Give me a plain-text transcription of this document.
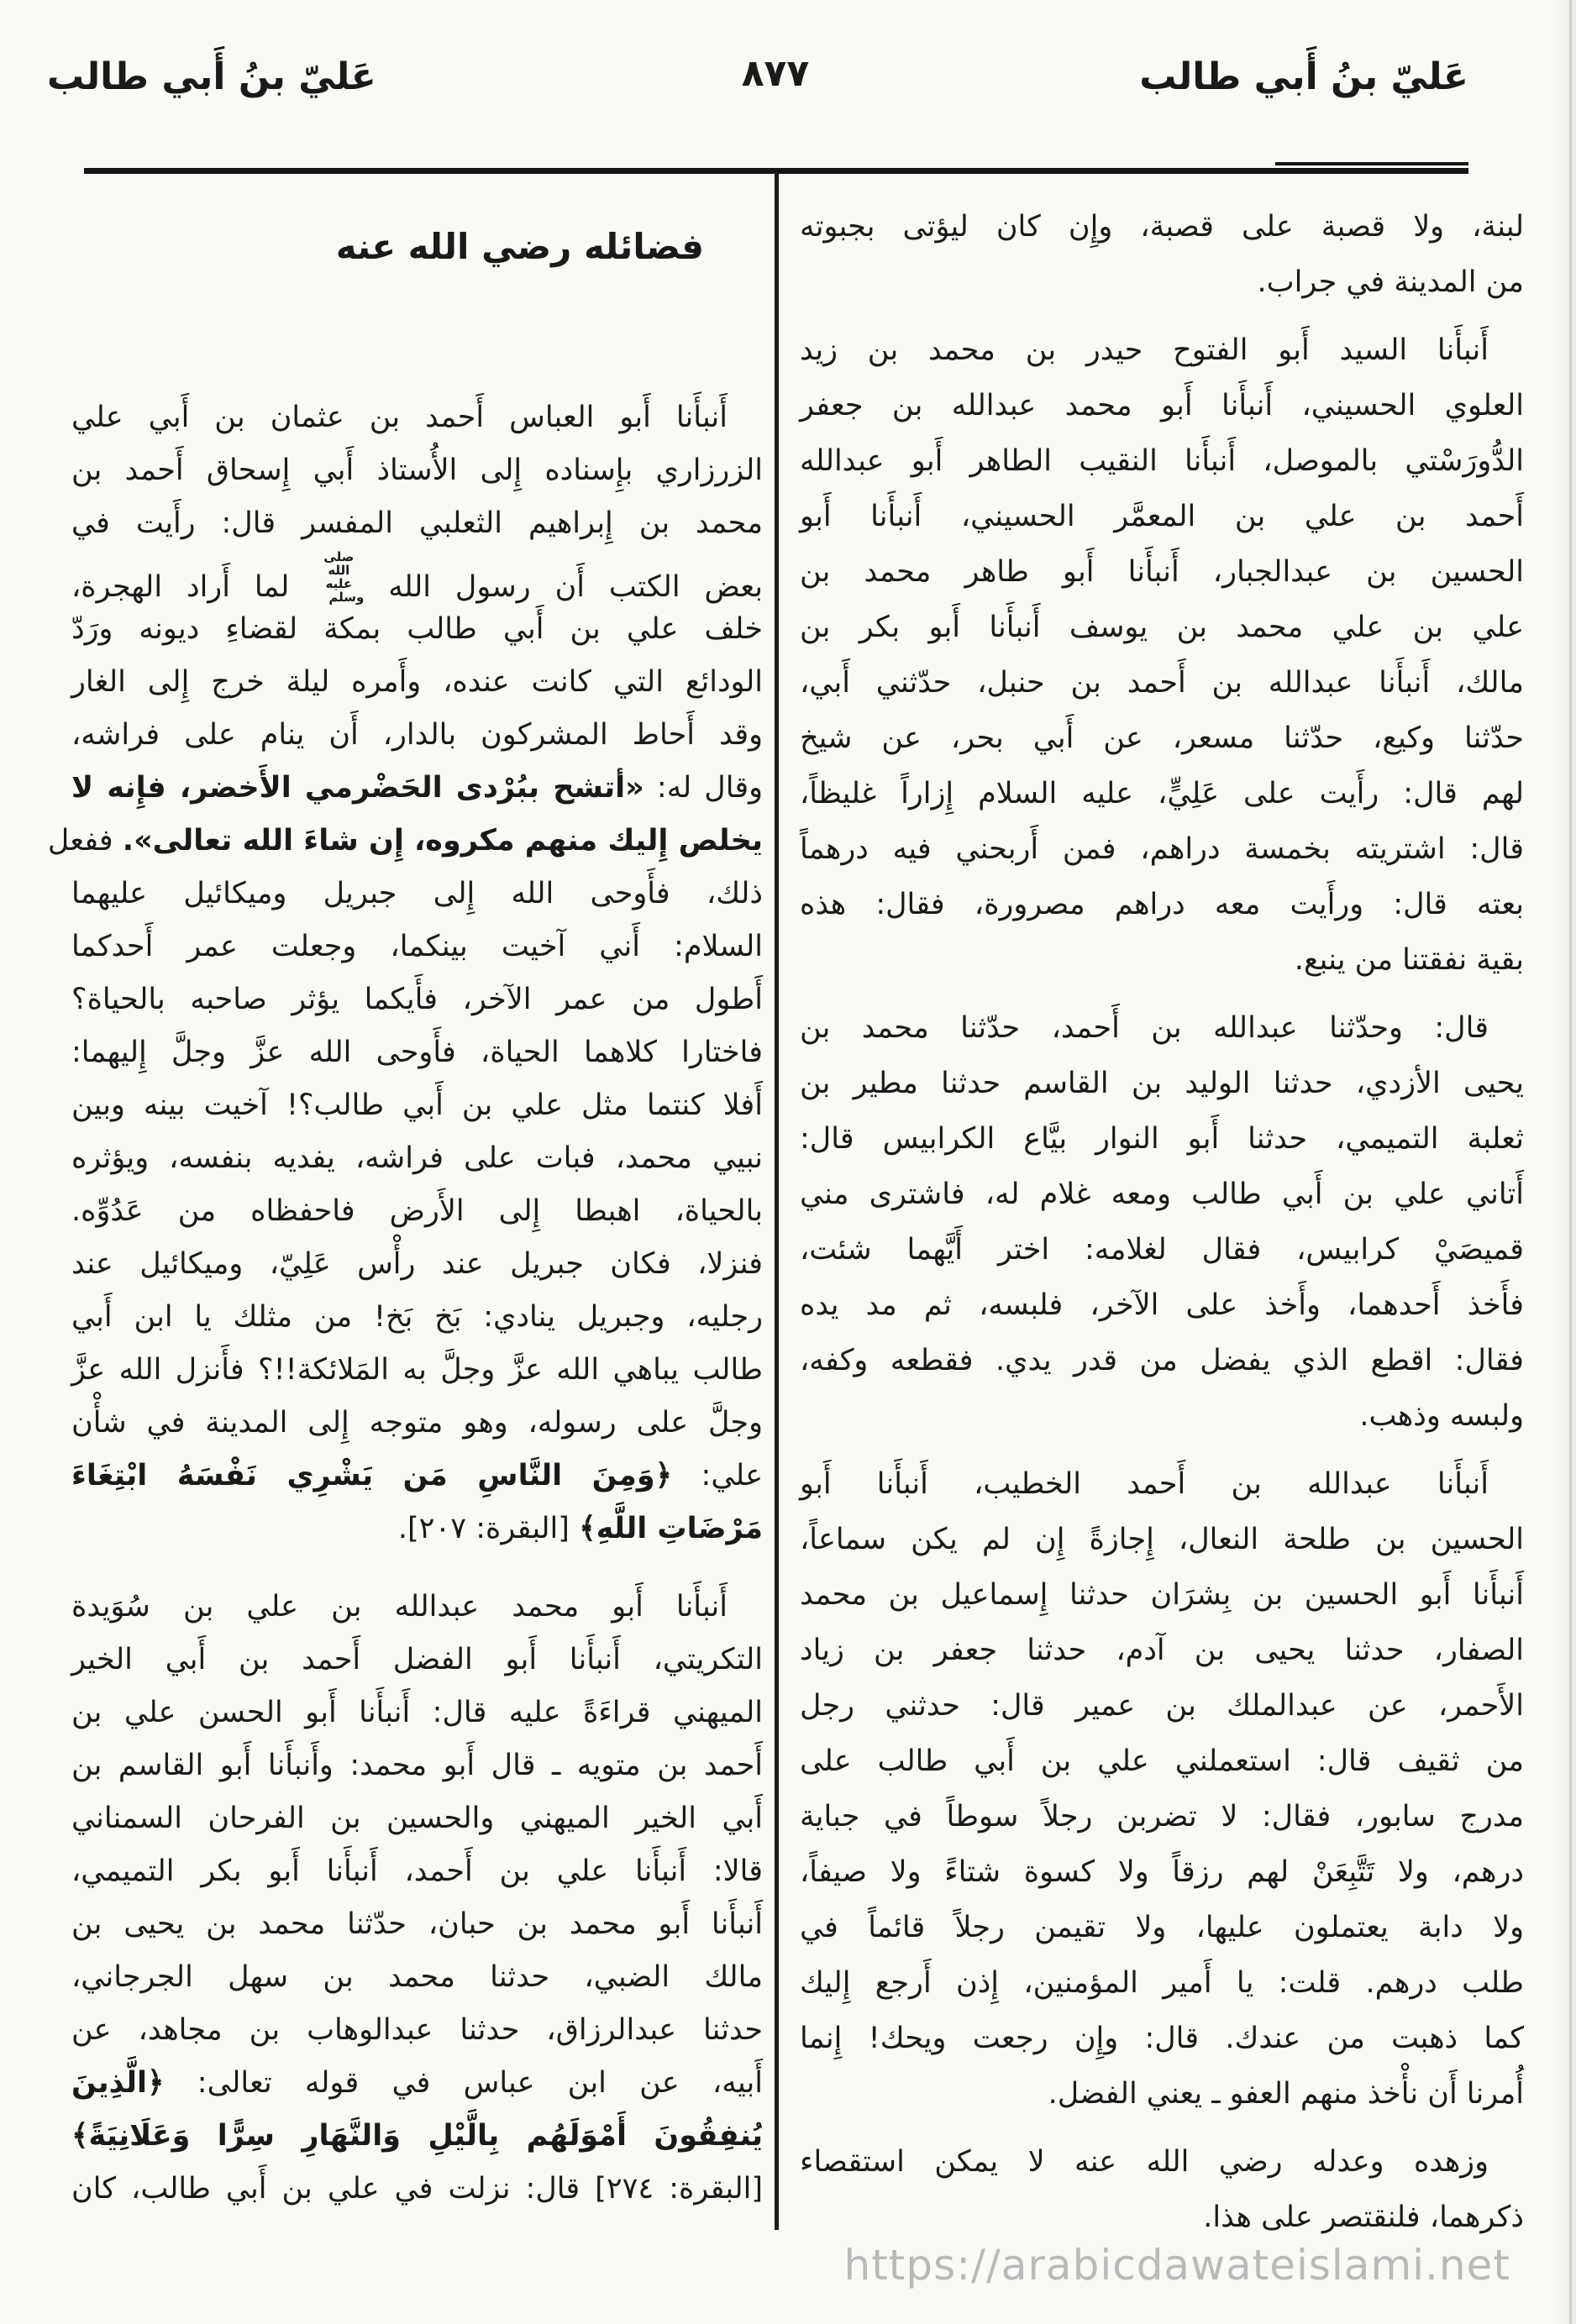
عَليّ بنُ أَبي طالب
٨٧٧
عَليّ بنُ أَبي طالب
لبنة، ولا قصبة على قصبة، وإِن كان ليؤتى بجبوته
من المدينة في جراب.
أَنبأَنا السيد أَبو الفتوح حيدر بن محمد بن زيد
العلوي الحسيني، أَنبأَنا أَبو محمد عبدالله بن جعفر
الدُّورَسْتي بالموصل، أَنبأَنا النقيب الطاهر أَبو عبدالله
أَحمد بن علي بن المعمَّر الحسيني، أَنبأَنا أَبو
الحسين بن عبدالجبار، أَنبأَنا أَبو طاهر محمد بن
علي بن علي محمد بن يوسف أَنبأَنا أَبو بكر بن
مالك، أَنبأَنا عبدالله بن أَحمد بن حنبل، حدّثني أَبي،
حدّثنا وكيع، حدّثنا مسعر، عن أَبي بحر، عن شيخ
لهم قال: رأَيت على عَلِيٍّ، عليه السلام إِزاراً غليظاً،
قال: اشتريته بخمسة دراهم، فمن أَربحني فيه درهماً
بعته قال: ورأَيت معه دراهم مصرورة، فقال: هذه
بقية نفقتنا من ينبع.
قال: وحدّثنا عبدالله بن أَحمد، حدّثنا محمد بن
يحيى الأزدي، حدثنا الوليد بن القاسم حدثنا مطير بن
ثعلبة التميمي، حدثنا أَبو النوار بيَّاع الكرابيس قال:
أَتاني علي بن أَبي طالب ومعه غلام له، فاشترى مني
قميصَيْ كرابيس، فقال لغلامه: اختر أَيَّهما شئت،
فأَخذ أَحدهما، وأَخذ على الآخر، فلبسه، ثم مد يده
فقال: اقطع الذي يفضل من قدر يدي. فقطعه وكفه،
ولبسه وذهب.
أَنبأَنا عبدالله بن أَحمد الخطيب، أَنبأَنا أَبو
الحسين بن طلحة النعال، إِجازةً إِن لم يكن سماعاً،
أَنبأَنا أَبو الحسين بن بِشرَان حدثنا إِسماعيل بن محمد
الصفار، حدثنا يحيى بن آدم، حدثنا جعفر بن زياد
الأَحمر، عن عبدالملك بن عمير قال: حدثني رجل
من ثقيف قال: استعملني علي بن أَبي طالب على
مدرج سابور، فقال: لا تضربن رجلاً سوطاً في جباية
درهم، ولا تَتَّبِعَنْ لهم رزقاً ولا كسوة شتاءً ولا صيفاً،
ولا دابة يعتملون عليها، ولا تقيمن رجلاً قائماً في
طلب درهم. قلت: يا أَمير المؤمنين، إِذن أَرجع إِليك
كما ذهبت من عندك. قال: وإِن رجعت ويحك! إِنما
أُمرنا أَن نأْخذ منهم العفو ـ يعني الفضل.
وزهده وعدله رضي الله عنه لا يمكن استقصاء
ذكرهما، فلنقتصر على هذا.
فضائله رضي الله عنه
أَنبأَنا أَبو العباس أَحمد بن عثمان بن أَبي علي
الزرزاري بإِسناده إِلى الأُستاذ أَبي إِسحاق أَحمد بن
محمد بن إِبراهيم الثعلبي المفسر قال: رأَيت في
بعض الكتب أَن رسول الله صلى الله عليه وسلم لما أَراد الهجرة،
خلف علي بن أَبي طالب بمكة لقضاءِ ديونه ورَدّ
الودائع التي كانت عنده، وأَمره ليلة خرج إِلى الغار
وقد أَحاط المشركون بالدار، أَن ينام على فراشه،
وقال له: «أتشح ببُرْدى الحَضْرمي الأَخضر، فإِنه لا
يخلص إِليك منهم مكروه، إِن شاءَ الله تعالى». ففعل
ذلك، فأَوحى الله إِلى جبريل وميكائيل عليهما
السلام: أَني آخيت بينكما، وجعلت عمر أَحدكما
أَطول من عمر الآخر، فأَيكما يؤثر صاحبه بالحياة؟
فاختارا كلاهما الحياة، فأَوحى الله عزَّ وجلَّ إِليهما:
أَفلا كنتما مثل علي بن أَبي طالب؟! آخيت بينه وبين
نبيي محمد، فبات على فراشه، يفديه بنفسه، ويؤثره
بالحياة، اهبطا إِلى الأَرض فاحفظاه من عَدُوِّه.
فنزلا، فكان جبريل عند رأْس عَلِيّ، وميكائيل عند
رجليه، وجبريل ينادي: بَخ بَخ! من مثلك يا ابن أَبي
طالب يباهي الله عزَّ وجلَّ به المَلائكة!!؟ فأَنزل الله عزَّ
وجلَّ على رسوله، وهو متوجه إِلى المدينة في شأْن
علي: ﴿وَمِنَ النَّاسِ مَن يَشْرِي نَفْسَهُ ابْتِغَاءَ
مَرْضَاتِ اللَّهِ﴾ [البقرة: ٢٠٧].
أَنبأَنا أَبو محمد عبدالله بن علي بن سُوَيدة
التكريتي، أَنبأَنا أَبو الفضل أَحمد بن أَبي الخير
الميهني قراءَةً عليه قال: أَنبأَنا أَبو الحسن علي بن
أَحمد بن متويه ـ قال أَبو محمد: وأَنبأَنا أَبو القاسم بن
أَبي الخير الميهني والحسين بن الفرحان السمناني
قالا: أَنبأَنا علي بن أَحمد، أَنبأَنا أَبو بكر التميمي،
أَنبأَنا أَبو محمد بن حبان، حدّثنا محمد بن يحيى بن
مالك الضبي، حدثنا محمد بن سهل الجرجاني،
حدثنا عبدالرزاق، حدثنا عبدالوهاب بن مجاهد، عن
أَبيه، عن ابن عباس في قوله تعالى: ﴿الَّذِينَ
يُنفِقُونَ أَمْوَلَهُم بِالَّيْلِ وَالنَّهَارِ سِرًّا وَعَلَانِيَةً﴾
[البقرة: ٢٧٤] قال: نزلت في علي بن أَبي طالب، كان
https://arabicdawateislami.net
